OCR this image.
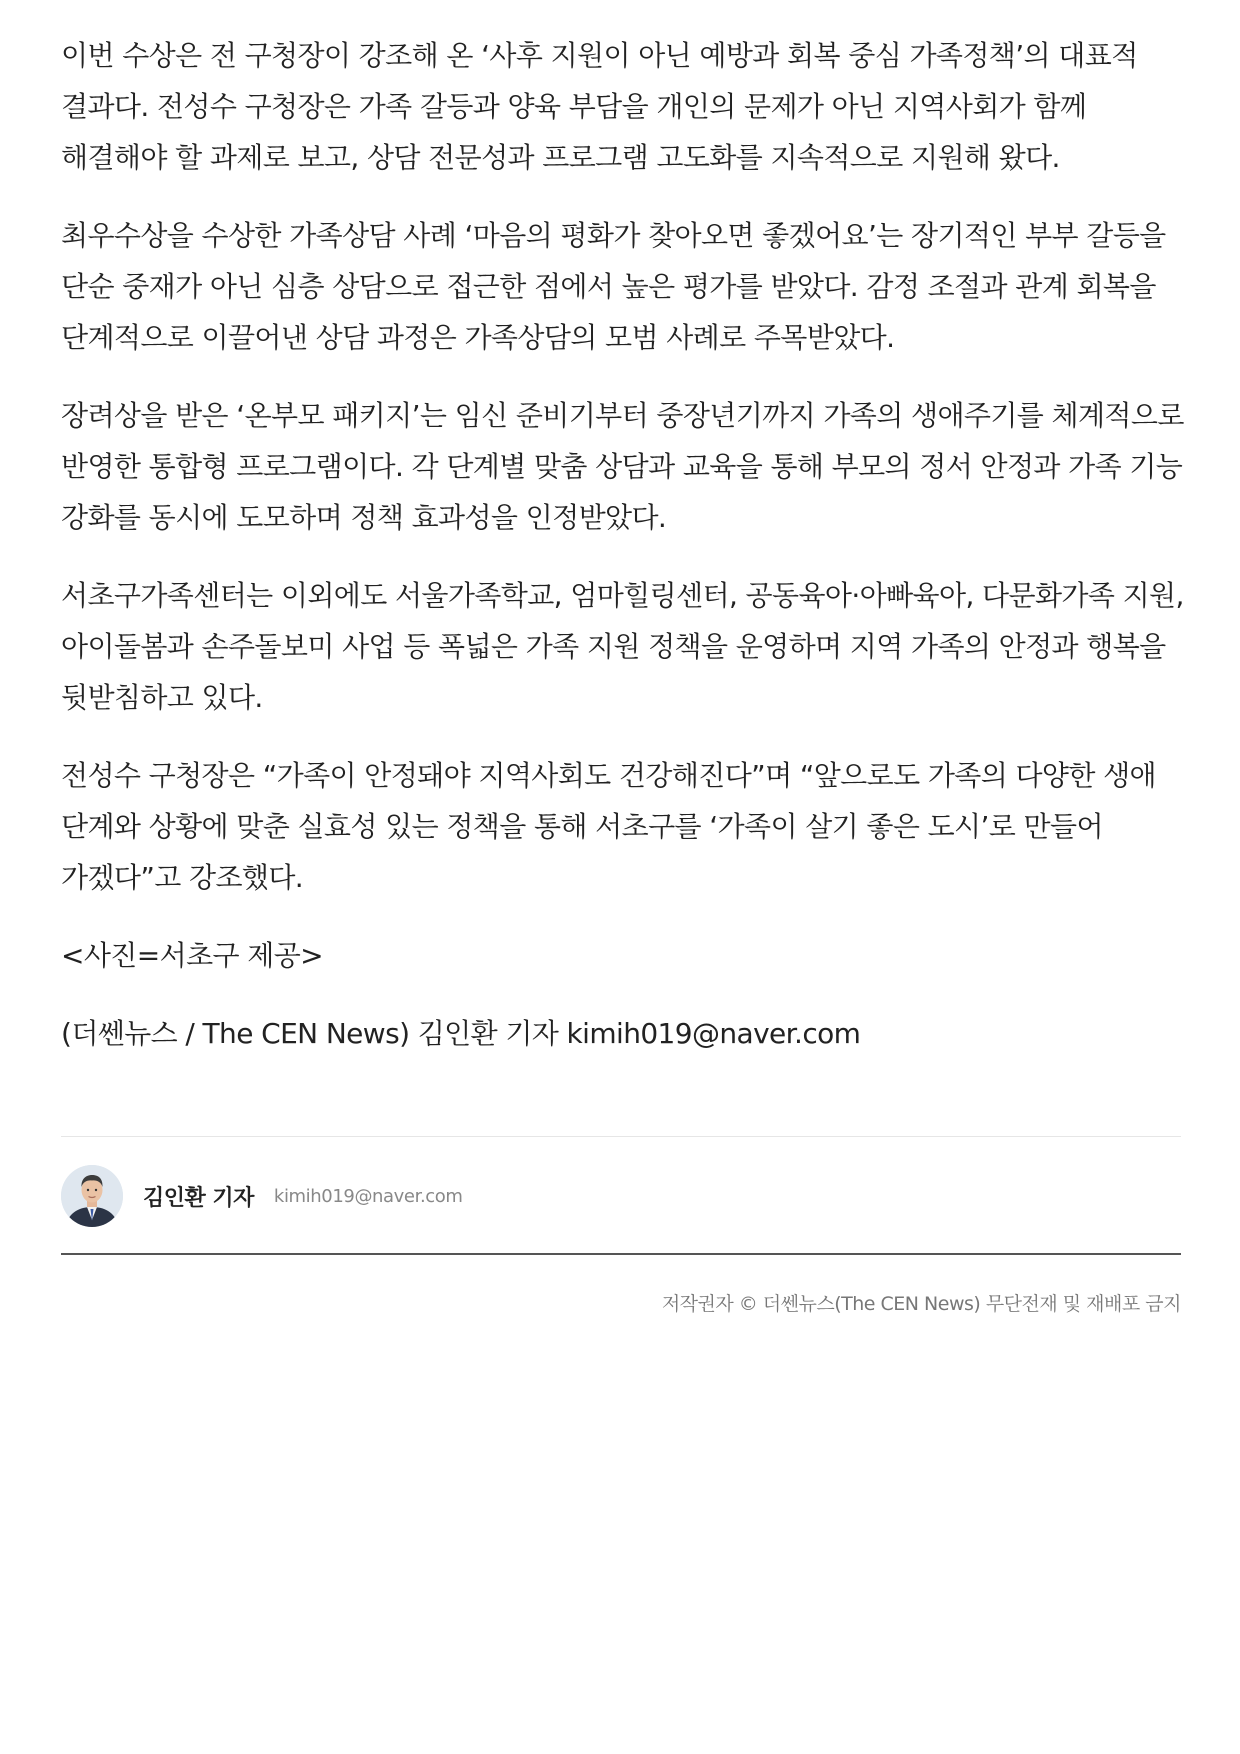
이번 수상은 전 구청장이 강조해 온 ‘사후 지원이 아닌 예방과 회복 중심 가족정책’의 대표적 결과다. 전성수 구청장은 가족 갈등과 양육 부담을 개인의 문제가 아닌 지역사회가 함께 해결해야 할 과제로 보고, 상담 전문성과 프로그램 고도화를 지속적으로 지원해 왔다.

최우수상을 수상한 가족상담 사례 ‘마음의 평화가 찾아오면 좋겠어요’는 장기적인 부부 갈등을 단순 중재가 아닌 심층 상담으로 접근한 점에서 높은 평가를 받았다. 감정 조절과 관계 회복을 단계적으로 이끌어낸 상담 과정은 가족상담의 모범 사례로 주목받았다.

장려상을 받은 ‘온부모 패키지’는 임신 준비기부터 중장년기까지 가족의 생애주기를 체계적으로 반영한 통합형 프로그램이다. 각 단계별 맞춤 상담과 교육을 통해 부모의 정서 안정과 가족 기능 강화를 동시에 도모하며 정책 효과성을 인정받았다.

서초구가족센터는 이외에도 서울가족학교, 엄마힐링센터, 공동육아·아빠육아, 다문화가족 지원, 아이돌봄과 손주돌보미 사업 등 폭넓은 가족 지원 정책을 운영하며 지역 가족의 안정과 행복을 뒷받침하고 있다.

전성수 구청장은 “가족이 안정돼야 지역사회도 건강해진다”며 “앞으로도 가족의 다양한 생애 단계와 상황에 맞춘 실효성 있는 정책을 통해 서초구를 ‘가족이 살기 좋은 도시’로 만들어 가겠다”고 강조했다.

<사진=서초구 제공>

(더쎈뉴스 / The CEN News) 김인환 기자 kimih019@naver.com

김인환 기자 kimih019@naver.com
저작권자 © 더쎈뉴스(The CEN News) 무단전재 및 재배포 금지
